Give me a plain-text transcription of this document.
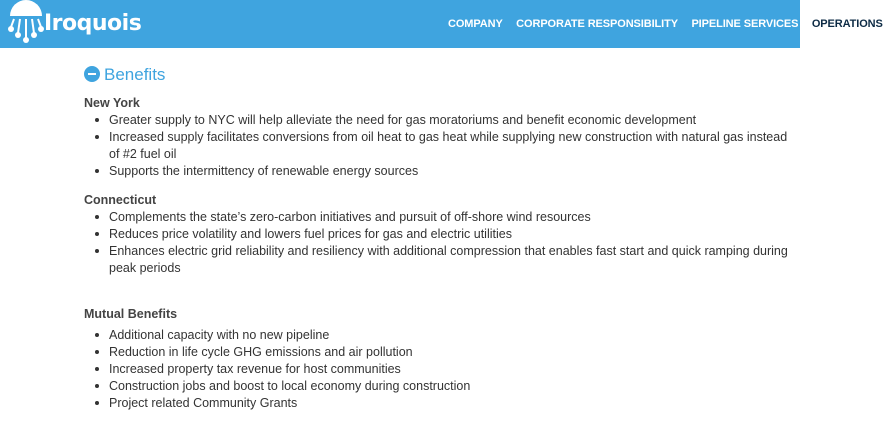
Iroquois	COMPANY CORPORATE RESPONSIBILITY PIPELINE SERVICES OPERATIONS
Benefits

New York

Greater supply to NYC will help alleviate the need for gas moratoriums and benefit economic development
Increased supply facilitates conversions from oil heat to gas heat while supplying new construction with natural gas instead of #2 fuel oil
Supports the intermittency of renewable energy sources

Connecticut

Complements the state’s zero-carbon initiatives and pursuit of off-shore wind resources
Reduces price volatility and lowers fuel prices for gas and electric utilities
Enhances electric grid reliability and resiliency with additional compression that enables fast start and quick ramping during peak periods

Mutual Benefits

Additional capacity with no new pipeline
Reduction in life cycle GHG emissions and air pollution
Increased property tax revenue for host communities
Construction jobs and boost to local economy during construction
Project related Community Grants
